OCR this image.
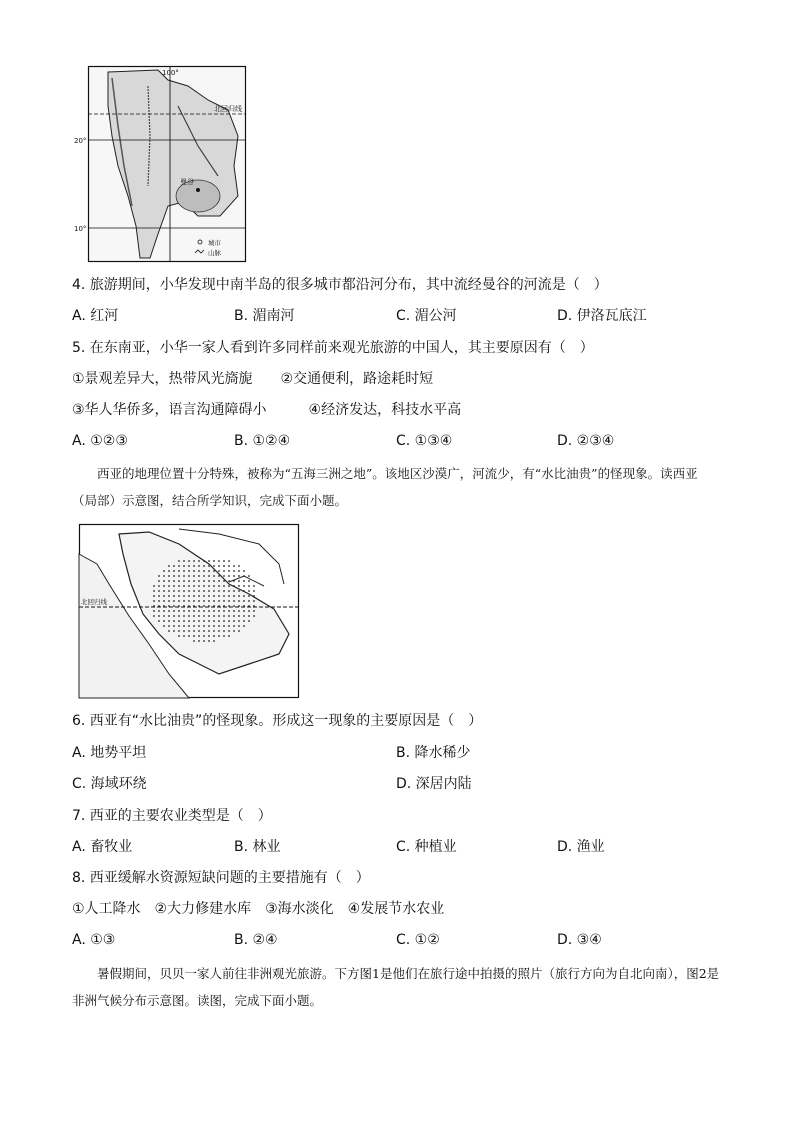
100°
20°
10°
北回归线
曼谷
城市
山脉
4. 旅游期间，小华发现中南半岛的很多城市都沿河分布，其中流经曼谷的河流是（　）
A. 红河	B. 湄南河	C. 湄公河	D. 伊洛瓦底江
5. 在东南亚，小华一家人看到许多同样前来观光旅游的中国人，其主要原因有（　）
①景观差异大，热带风光旖旎　　②交通便利，路途耗时短
③华人华侨多，语言沟通障碍小　　　④经济发达，科技水平高
A. ①②③	B. ①②④	C. ①③④	D. ②③④
西亚的地理位置十分特殊，被称为“五海三洲之地”。该地区沙漠广，河流少，有“水比油贵”的怪现象。读西亚（局部）示意图，结合所学知识，完成下面小题。
北回归线
6. 西亚有“水比油贵”的怪现象。形成这一现象的主要原因是（　）
A. 地势平坦	B. 降水稀少
C. 海域环绕	D. 深居内陆
7. 西亚的主要农业类型是（　）
A. 畜牧业	B. 林业	C. 种植业	D. 渔业
8. 西亚缓解水资源短缺问题的主要措施有（　）
①人工降水　②大力修建水库　③海水淡化　④发展节水农业
A. ①③	B. ②④	C. ①②	D. ③④
暑假期间，贝贝一家人前往非洲观光旅游。下方图1是他们在旅行途中拍摄的照片（旅行方向为自北向南），图2是非洲气候分布示意图。读图，完成下面小题。
